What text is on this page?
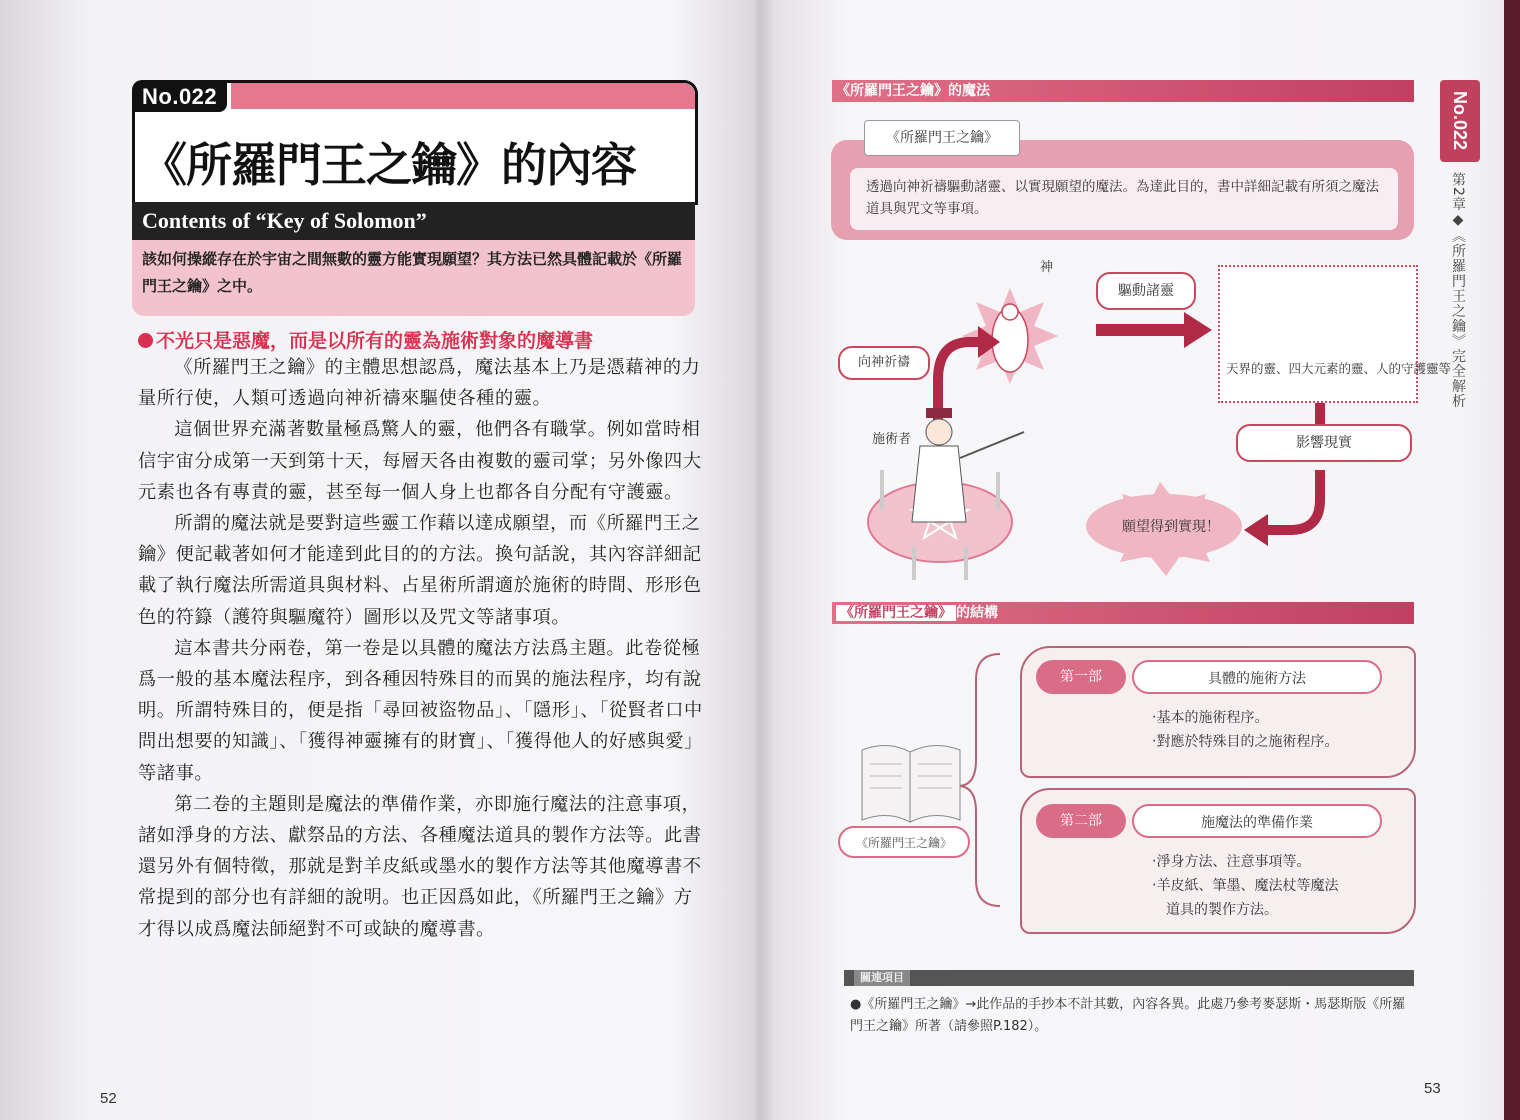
No.022
《所羅門王之鑰》的內容
Contents of “Key of Solomon”
該如何操縱存在於宇宙之間無數的靈方能實現願望？其方法已然具體記載於《所羅門王之鑰》之中。
不光只是惡魔，而是以所有的靈為施術對象的魔導書

《所羅門王之鑰》的主體思想認爲，魔法基本上乃是憑藉神的力量所行使，人類可透過向神祈禱來驅使各種的靈。

這個世界充滿著數量極爲驚人的靈，他們各有職掌。例如當時相信宇宙分成第一天到第十天，每層天各由複數的靈司掌；另外像四大元素也各有專責的靈，甚至每一個人身上也都各自分配有守護靈。

所謂的魔法就是要對這些靈工作藉以達成願望，而《所羅門王之鑰》便記載著如何才能達到此目的的方法。換句話說，其內容詳細記載了執行魔法所需道具與材料、占星術所謂適於施術的時間、形形色色的符籙（護符與驅魔符）圖形以及咒文等諸事項。

這本書共分兩卷，第一卷是以具體的魔法方法爲主題。此卷從極爲一般的基本魔法程序，到各種因特殊目的而異的施法程序，均有說明。所謂特殊目的，便是指「尋回被盜物品」、「隱形」、「從賢者口中問出想要的知識」、「獲得神靈擁有的財寶」、「獲得他人的好感與愛」等諸事。

第二卷的主題則是魔法的準備作業，亦即施行魔法的注意事項，諸如淨身的方法、獻祭品的方法、各種魔法道具的製作方法等。此書還另外有個特徵，那就是對羊皮紙或墨水的製作方法等其他魔導書不常提到的部分也有詳細的說明。也正因爲如此，《所羅門王之鑰》方才得以成爲魔法師絕對不可或缺的魔導書。

52
《所羅門王之鑰》的魔法
透過向神祈禱驅動諸靈、以實現願望的魔法。為達此目的，書中詳細記載有所須之魔法道具與咒文等事項。
《所羅門王之鑰》
神
驅動諸靈
天界的靈、四大元素的靈、人的守護靈等
向神祈禱
施術者	影響現實
願望得到實現！
《所羅門王之鑰》 的結構
《所羅門王之鑰》
第一部	具體的施術方法
‧基本的施術程序。
‧對應於特殊目的之施術程序。
第二部	施魔法的準備作業
‧淨身方法、注意事項等。
‧羊皮紙、筆墨、魔法杖等魔法
　道具的製作方法。
關連項目
●《所羅門王之鑰》→此作品的手抄本不計其數，內容各異。此處乃參考麥瑟斯・馬瑟斯版《所羅門王之鑰》所著（請參照P.182）。
No.022
第2章◆《所羅門王之鑰》完全解析
53
